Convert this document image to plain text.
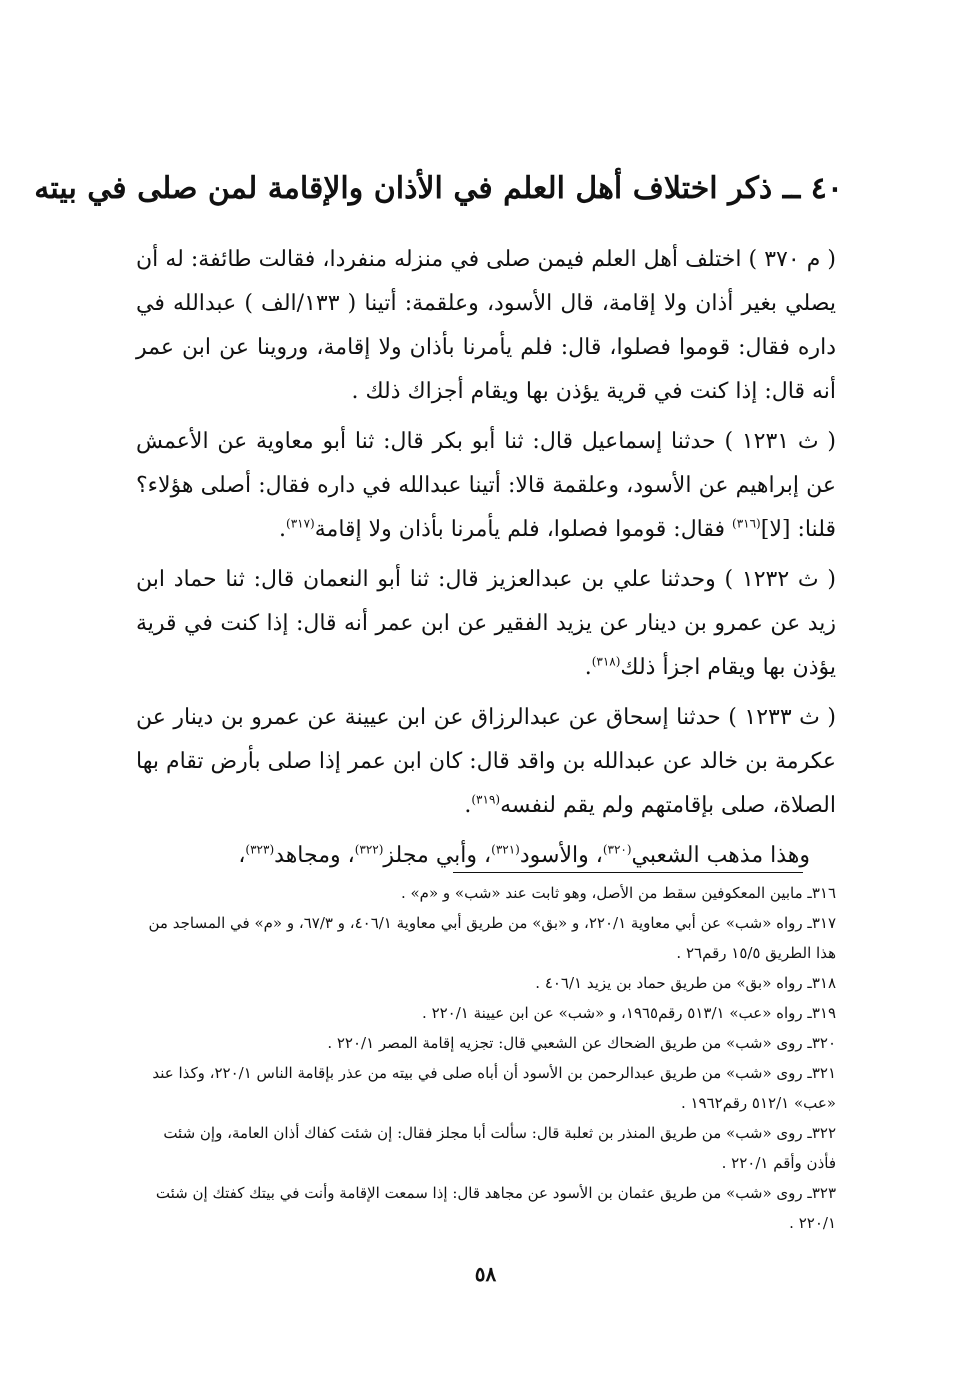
٤٠ ــ ذكر اختلاف أهل العلم في الأذان والإقامة لمن صلى في بيته

( م ٣٧٠ ) اختلف أهل العلم فيمن صلى في منزله منفردا، فقالت طائفة: له أن يصلي بغير أذان ولا إقامة، قال الأسود، وعلقمة: أتينا ( ١٣٣/الف ) عبدالله في داره فقال: قوموا فصلوا، قال: فلم يأمرنا بأذان ولا إقامة، وروينا عن ابن عمر أنه قال: إذا كنت في قرية يؤذن بها ويقام أجزاك ذلك .

( ث ١٢٣١ ) حدثنا إسماعيل قال: ثنا أبو بكر قال: ثنا أبو معاوية عن الأعمش عن إبراهيم عن الأسود، وعلقمة قالا: أتينا عبدالله في داره فقال: أصلى هؤلاء؟ قلنا: [لا]$^{(٣١٦)}$ فقال: قوموا فصلوا، فلم يأمرنا بأذان ولا إقامة$^{(٣١٧)}$.

( ث ١٢٣٢ ) وحدثنا علي بن عبدالعزيز قال: ثنا أبو النعمان قال: ثنا حماد ابن زيد عن عمرو بن دينار عن يزيد الفقير عن ابن عمر أنه قال: إذا كنت في قرية يؤذن بها ويقام اجزأ ذلك$^{(٣١٨)}$.

( ث ١٢٣٣ ) حدثنا إسحاق عن عبدالرزاق عن ابن عيينة عن عمرو بن دينار عن عكرمة بن خالد عن عبدالله بن واقد قال: كان ابن عمر إذا صلى بأرض تقام بها الصلاة، صلى بإقامتهم ولم يقم لنفسه$^{(٣١٩)}$.

وهذا مذهب الشعبي$^{(٣٢٠)}$، والأسود$^{(٣٢١)}$، وأبي مجلز$^{(٣٢٢)}$، ومجاهد$^{(٣٢٣)}$،

٣١٦ـ مابين المعكوفين سقط من الأصل، وهو ثابت عند «شب» و «م» .

٣١٧ـ رواه «شب» عن أبي معاوية ٢٢٠/١، و «بق» من طريق أبي معاوية ٤٠٦/١، و ٦٧/٣، و «م» في المساجد من هذا الطريق ١٥/٥ رقم٢٦ .

٣١٨ـ رواه «بق» من طريق حماد بن يزيد ٤٠٦/١ .

٣١٩ـ رواه «عب» ٥١٣/١ رقم١٩٦٥، و «شب» عن ابن عيينة ٢٢٠/١ .

٣٢٠ـ روى «شب» من طريق الضحاك عن الشعبي قال: تجزيه إقامة المصر ٢٢٠/١ .

٣٢١ـ روى «شب» من طريق عبدالرحمن بن الأسود أن أباه صلى في بيته من عذر بإقامة الناس ٢٢٠/١، وكذا عند «عب» ٥١٢/١ رقم١٩٦٢ .

٣٢٢ـ روى «شب» من طريق المنذر بن ثعلبة قال: سألت أبا مجلز فقال: إن شئت كفاك أذان العامة، وإن شئت فأذن وأقم ٢٢٠/١ .

٣٢٣ـ روى «شب» من طريق عثمان بن الأسود عن مجاهد قال: إذا سمعت الإقامة وأنت في بيتك كفتك إن شئت ٢٢٠/١ .

٥٨
